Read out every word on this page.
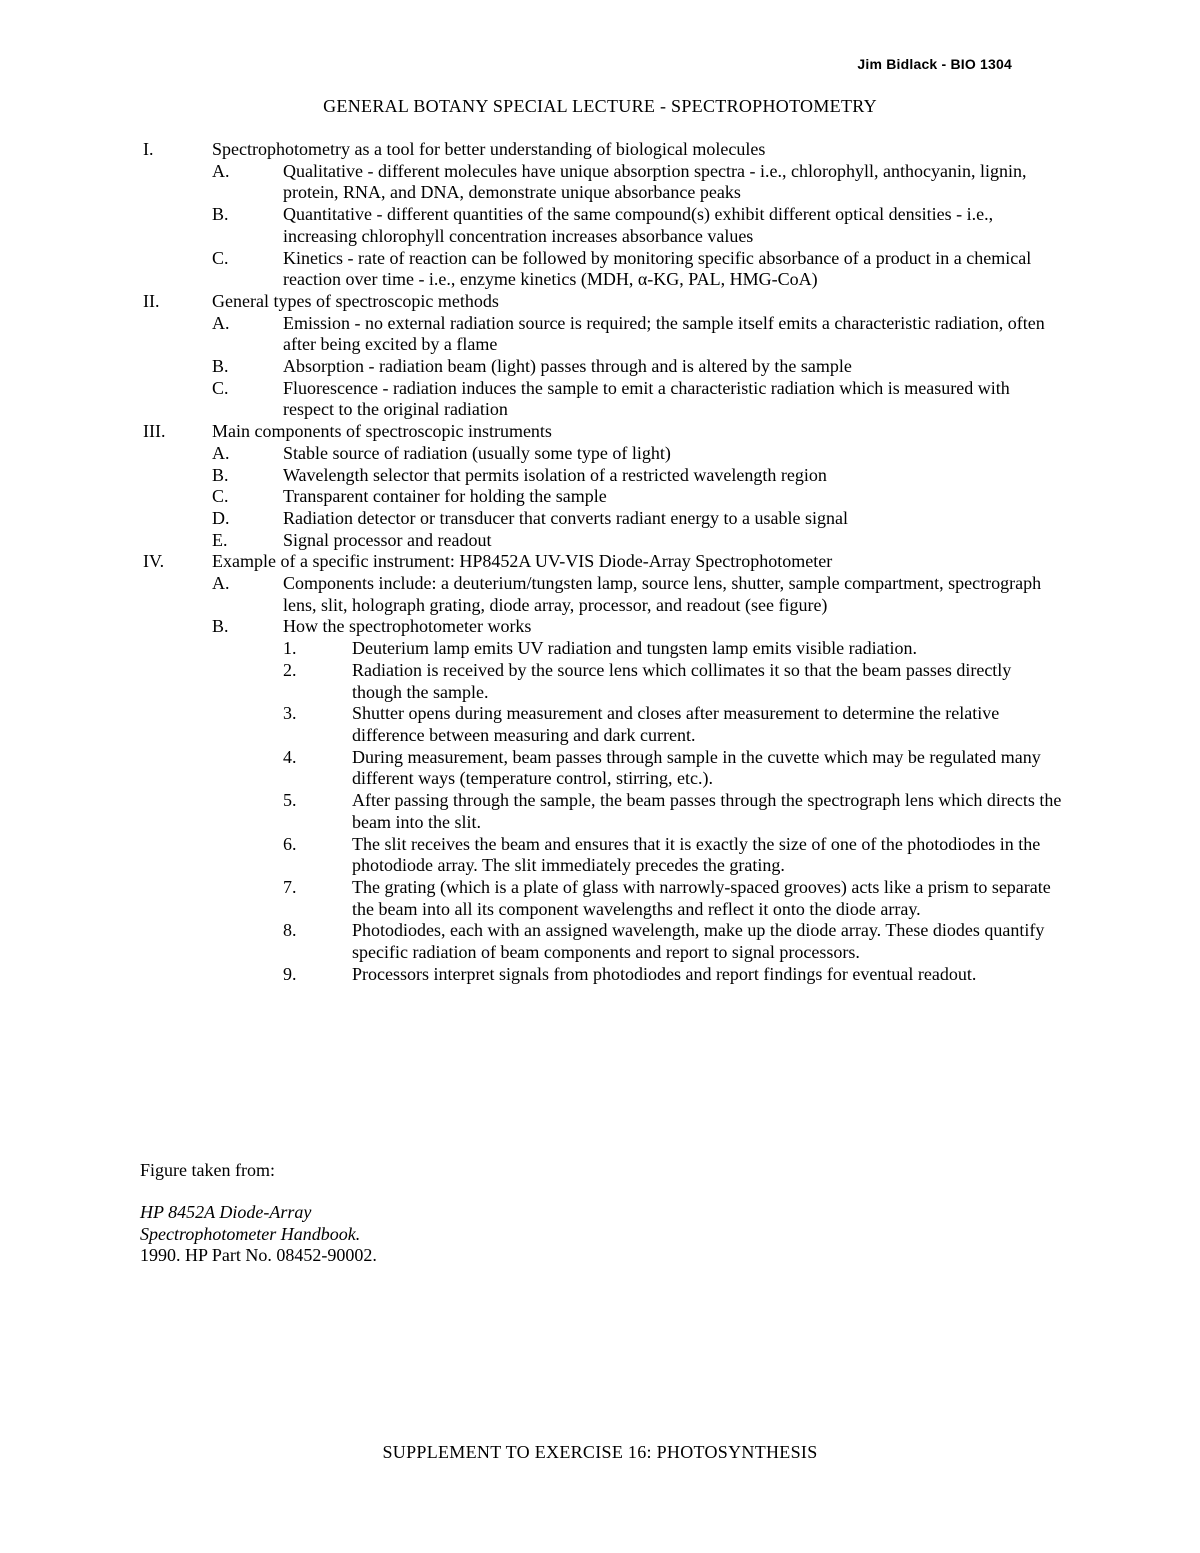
Jim Bidlack - BIO 1304
GENERAL BOTANY SPECIAL LECTURE - SPECTROPHOTOMETRY
I.	Spectrophotometry as a tool for better understanding of biological molecules
A.	Qualitative - different molecules have unique absorption spectra - i.e., chlorophyll, anthocyanin, lignin, protein, RNA, and DNA, demonstrate unique absorbance peaks
B.	Quantitative - different quantities of the same compound(s) exhibit different optical densities - i.e., increasing chlorophyll concentration increases absorbance values
C.	Kinetics - rate of reaction can be followed by monitoring specific absorbance of a product in a chemical reaction over time - i.e., enzyme kinetics (MDH, α-KG, PAL, HMG-CoA)
II.	General types of spectroscopic methods
A.	Emission - no external radiation source is required; the sample itself emits a characteristic radiation, often after being excited by a flame
B.	Absorption - radiation beam (light) passes through and is altered by the sample
C.	Fluorescence - radiation induces the sample to emit a characteristic radiation which is measured with respect to the original radiation
III.	Main components of spectroscopic instruments
A.	Stable source of radiation (usually some type of light)
B.	Wavelength selector that permits isolation of a restricted wavelength region
C.	Transparent container for holding the sample
D.	Radiation detector or transducer that converts radiant energy to a usable signal
E.	Signal processor and readout
IV.	Example of a specific instrument: HP8452A UV-VIS Diode-Array Spectrophotometer
A.	Components include: a deuterium/tungsten lamp, source lens, shutter, sample compartment, spectrograph lens, slit, holograph grating, diode array, processor, and readout (see figure)
B.	How the spectrophotometer works
1.	Deuterium lamp emits UV radiation and tungsten lamp emits visible radiation.
2.	Radiation is received by the source lens which collimates it so that the beam passes directly though the sample.
3.	Shutter opens during measurement and closes after measurement to determine the relative difference between measuring and dark current.
4.	During measurement, beam passes through sample in the cuvette which may be regulated many different ways (temperature control, stirring, etc.).
5.	After passing through the sample, the beam passes through the spectrograph lens which directs the beam into the slit.
6.	The slit receives the beam and ensures that it is exactly the size of one of the photodiodes in the photodiode array. The slit immediately precedes the grating.
7.	The grating (which is a plate of glass with narrowly-spaced grooves) acts like a prism to separate the beam into all its component wavelengths and reflect it onto the diode array.
8.	Photodiodes, each with an assigned wavelength, make up the diode array. These diodes quantify specific radiation of beam components and report to signal processors.
9.	Processors interpret signals from photodiodes and report findings for eventual readout.
Figure taken from:
HP 8452A Diode-Array
Spectrophotometer Handbook.
1990. HP Part No. 08452-90002.
SUPPLEMENT TO EXERCISE 16: PHOTOSYNTHESIS
